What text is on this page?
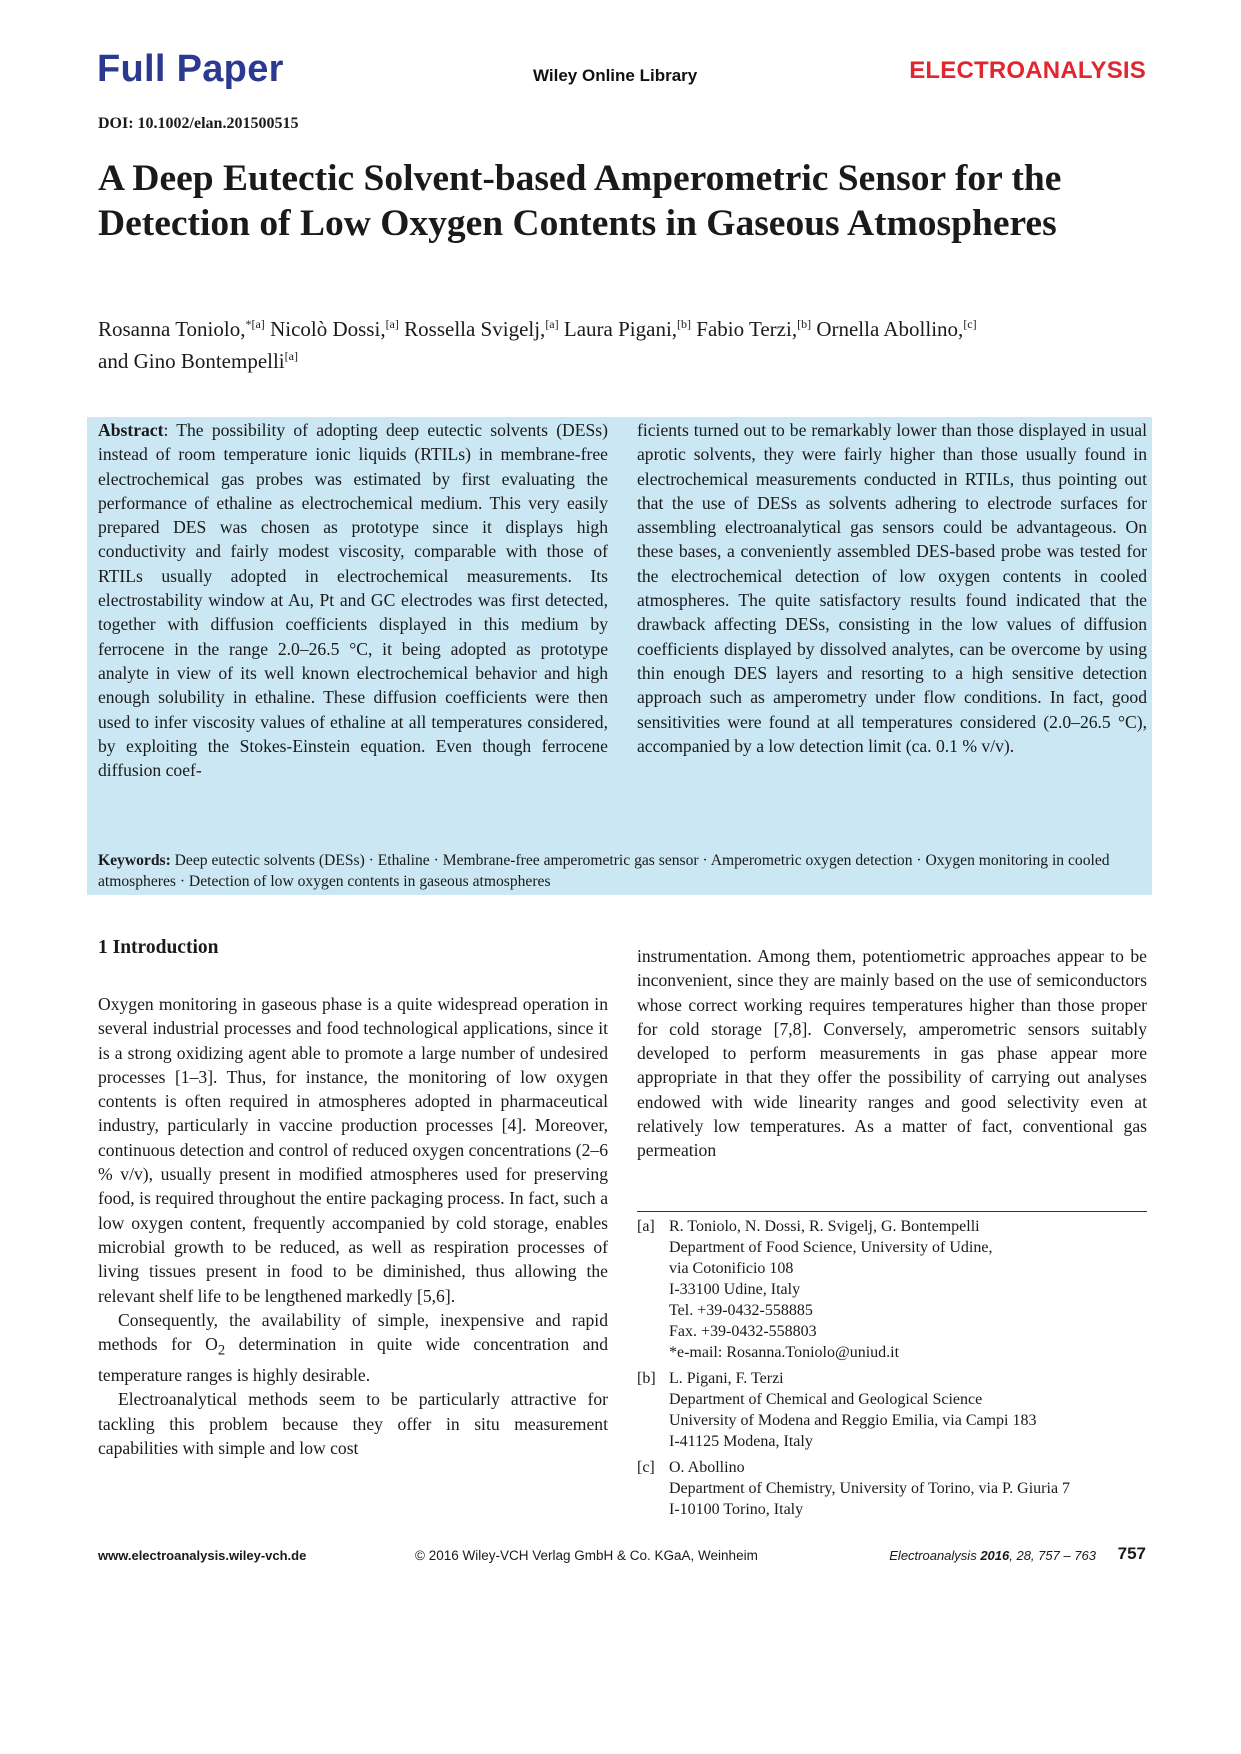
Full Paper	Wiley Online Library	ELECTROANALYSIS
DOI: 10.1002/elan.201500515
A Deep Eutectic Solvent-based Amperometric Sensor for the Detection of Low Oxygen Contents in Gaseous Atmospheres
Rosanna Toniolo,$^{*[a]}$ Nicolò Dossi,[a] Rossella Svigelj,[a] Laura Pigani,[b] Fabio Terzi,[b] Ornella Abollino,[c]
and Gino Bontempelli[a]
Abstract: The possibility of adopting deep eutectic solvents (DESs) instead of room temperature ionic liquids (RTILs) in membrane-free electrochemical gas probes was estimated by first evaluating the performance of ethaline as electrochemical medium. This very easily prepared DES was chosen as prototype since it displays high conductivity and fairly modest viscosity, comparable with those of RTILs usually adopted in electrochemical measurements. Its electrostability window at Au, Pt and GC electrodes was first detected, together with diffusion coefficients displayed in this medium by ferrocene in the range 2.0–26.5 °C, it being adopted as prototype analyte in view of its well known electrochemical behavior and high enough solubility in ethaline. These diffusion coefficients were then used to infer viscosity values of ethaline at all temperatures considered, by exploiting the Stokes-Einstein equation. Even though ferrocene diffusion coef-
ficients turned out to be remarkably lower than those displayed in usual aprotic solvents, they were fairly higher than those usually found in electrochemical measurements conducted in RTILs, thus pointing out that the use of DESs as solvents adhering to electrode surfaces for assembling electroanalytical gas sensors could be advantageous. On these bases, a conveniently assembled DES-based probe was tested for the electrochemical detection of low oxygen contents in cooled atmospheres. The quite satisfactory results found indicated that the drawback affecting DESs, consisting in the low values of diffusion coefficients displayed by dissolved analytes, can be overcome by using thin enough DES layers and resorting to a high sensitive detection approach such as amperometry under flow conditions. In fact, good sensitivities were found at all temperatures considered (2.0–26.5 °C), accompanied by a low detection limit (ca. 0.1 % v/v).
Keywords: Deep eutectic solvents (DESs) · Ethaline · Membrane-free amperometric gas sensor · Amperometric oxygen detection · Oxygen monitoring in cooled atmospheres · Detection of low oxygen contents in gaseous atmospheres
1 Introduction

Oxygen monitoring in gaseous phase is a quite widespread operation in several industrial processes and food technological applications, since it is a strong oxidizing agent able to promote a large number of undesired processes [1–3]. Thus, for instance, the monitoring of low oxygen contents is often required in atmospheres adopted in pharmaceutical industry, particularly in vaccine production processes [4]. Moreover, continuous detection and control of reduced oxygen concentrations (2–6 % v/v), usually present in modified atmospheres used for preserving food, is required throughout the entire packaging process. In fact, such a low oxygen content, frequently accompanied by cold storage, enables microbial growth to be reduced, as well as respiration processes of living tissues present in food to be diminished, thus allowing the relevant shelf life to be lengthened markedly [5,6].

Consequently, the availability of simple, inexpensive and rapid methods for $O_2$ determination in quite wide concentration and temperature ranges is highly desirable.

Electroanalytical methods seem to be particularly attractive for tackling this problem because they offer in situ measurement capabilities with simple and low cost

instrumentation. Among them, potentiometric approaches appear to be inconvenient, since they are mainly based on the use of semiconductors whose correct working requires temperatures higher than those proper for cold storage [7,8]. Conversely, amperometric sensors suitably developed to perform measurements in gas phase appear more appropriate in that they offer the possibility of carrying out analyses endowed with wide linearity ranges and good selectivity even at relatively low temperatures. As a matter of fact, conventional gas permeation

[a] R. Toniolo, N. Dossi, R. Svigelj, G. Bontempelli
Department of Food Science, University of Udine,
via Cotonificio 108
I-33100 Udine, Italy
Tel. +39-0432-558885
Fax. +39-0432-558803
*e-mail: Rosanna.Toniolo@uniud.it
[b] L. Pigani, F. Terzi
Department of Chemical and Geological Science
University of Modena and Reggio Emilia, via Campi 183
I-41125 Modena, Italy
[c] O. Abollino
Department of Chemistry, University of Torino, via P. Giuria 7
I-10100 Torino, Italy
www.electroanalysis.wiley-vch.de	© 2016 Wiley-VCH Verlag GmbH & Co. KGaA, Weinheim	Electroanalysis 2016, 28, 757 – 763 757
